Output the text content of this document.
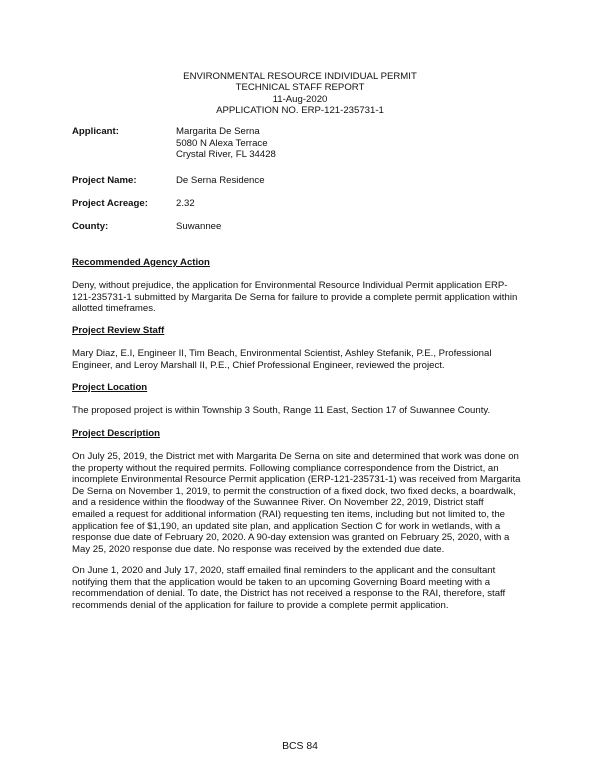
ENVIRONMENTAL RESOURCE INDIVIDUAL PERMIT
TECHNICAL STAFF REPORT
11-Aug-2020
APPLICATION NO. ERP-121-235731-1
Applicant:	Margarita De Serna
5080 N Alexa Terrace
Crystal River, FL 34428
Project Name:	De Serna Residence
Project Acreage:	2.32
County:	Suwannee
Recommended Agency Action
Deny, without prejudice, the application for Environmental Resource Individual Permit application ERP-
121-235731-1 submitted by Margarita De Serna for failure to provide a complete permit application within
allotted timeframes.
Project Review Staff
Mary Diaz, E.I, Engineer II, Tim Beach, Environmental Scientist, Ashley Stefanik, P.E., Professional
Engineer, and Leroy Marshall II, P.E., Chief Professional Engineer, reviewed the project.
Project Location
The proposed project is within Township 3 South, Range 11 East, Section 17 of Suwannee County.
Project Description
On July 25, 2019, the District met with Margarita De Serna on site and determined that work was done on
the property without the required permits. Following compliance correspondence from the District, an
incomplete Environmental Resource Permit application (ERP-121-235731-1) was received from Margarita
De Serna on November 1, 2019, to permit the construction of a fixed dock, two fixed decks, a boardwalk,
and a residence within the floodway of the Suwannee River. On November 22, 2019, District staff
emailed a request for additional information (RAI) requesting ten items, including but not limited to, the
application fee of $1,190, an updated site plan, and application Section C for work in wetlands, with a
response due date of February 20, 2020. A 90-day extension was granted on February 25, 2020, with a
May 25, 2020 response due date. No response was received by the extended due date.
On June 1, 2020 and July 17, 2020, staff emailed final reminders to the applicant and the consultant
notifying them that the application would be taken to an upcoming Governing Board meeting with a
recommendation of denial. To date, the District has not received a response to the RAI, therefore, staff
recommends denial of the application for failure to provide a complete permit application.
BCS 84
